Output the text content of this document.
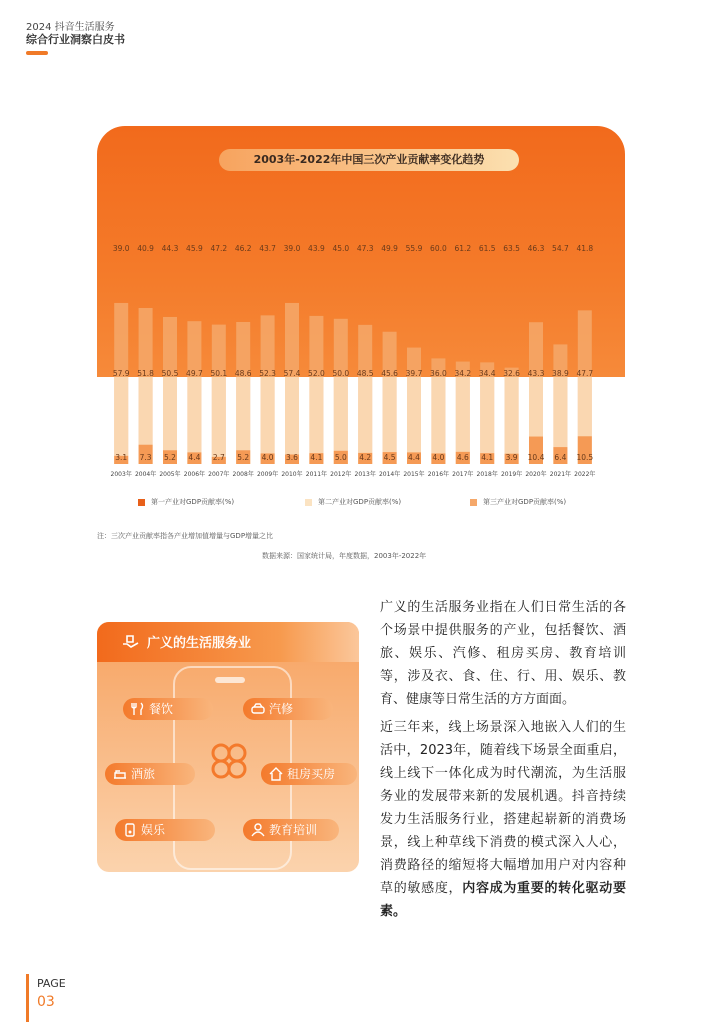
2024 抖音生活服务
综合行业洞察白皮书
39.0
57.9
3.1
2003年
40.9
51.8
7.3
2004年
44.3
50.5
5.2
2005年
45.9
49.7
4.4
2006年
47.2
50.1
2.7
2007年
46.2
48.6
5.2
2008年
43.7
52.3
4.0
2009年
39.0
57.4
3.6
2010年
43.9
52.0
4.1
2011年
45.0
50.0
5.0
2012年
47.3
48.5
4.2
2013年
49.9
45.6
4.5
2014年
55.9
39.7
4.4
2015年
60.0
36.0
4.0
2016年
61.2
34.2
4.6
2017年
61.5
34.4
4.1
2018年
63.5
32.6
3.9
2019年
46.3
43.3
10.4
2020年
54.7
38.9
6.4
2021年
41.8
47.7
10.5
2022年
2003年-2022年中国三次产业贡献率变化趋势
第一产业对GDP贡献率(%)	第二产业对GDP贡献率(%)	第三产业对GDP贡献率(%)
注：三次产业贡献率指各产业增加值增量与GDP增量之比
数据来源：国家统计局，年度数据，2003年-2022年
广义的生活服务业
餐饮	汽修
酒旅	租房买房
娱乐	教育培训
广义的生活服务业指在人们日常生活的各个场景中提供服务的产业，包括餐饮、酒旅、娱乐、汽修、租房买房、教育培训等，涉及衣、食、住、行、用、娱乐、教育、健康等日常生活的方方面面。
近三年来，线上场景深入地嵌入人们的生活中，2023年，随着线下场景全面重启，线上线下一体化成为时代潮流，为生活服务业的发展带来新的发展机遇。抖音持续发力生活服务行业，搭建起崭新的消费场景，线上种草线下消费的模式深入人心，消费路径的缩短将大幅增加用户对内容种草的敏感度，内容成为重要的转化驱动要素。
PAGE
03
